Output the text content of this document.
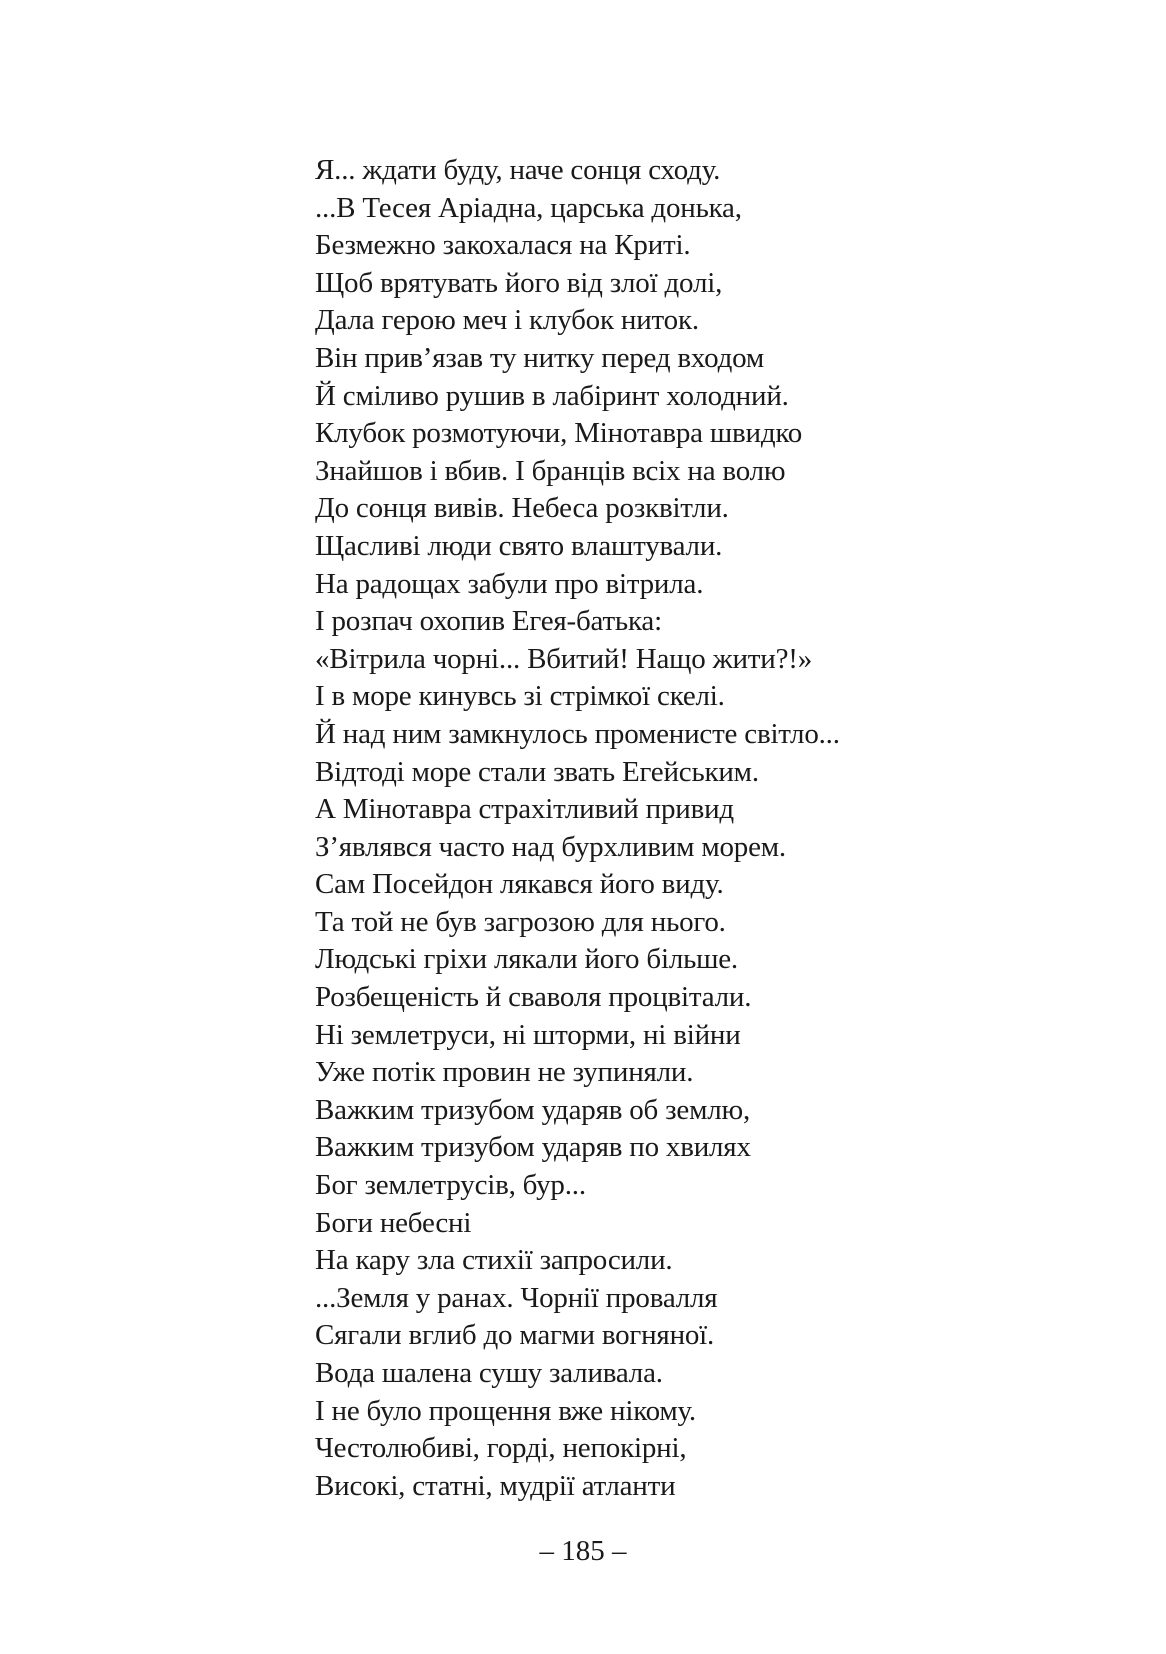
Я... ждати буду, наче сонця сходу.
...В Тесея Аріадна, царська донька,
Безмежно закохалася на Криті.
Щоб врятувать його від злої долі,
Дала герою меч і клубок ниток.
Він прив’язав ту нитку перед входом
Й сміливо рушив в лабіринт холодний.
Клубок розмотуючи, Мінотавра швидко
Знайшов і вбив. І бранців всіх на волю
До сонця вивів. Небеса розквітли.
Щасливі люди свято влаштували.
На радощах забули про вітрила.
І розпач охопив Егея-батька:
«Вітрила чорні... Вбитий! Нащо жити?!»
І в море кинувсь зі стрімкої скелі.
Й над ним замкнулось променисте світло...
Відтоді море стали звать Егейським.
А Мінотавра страхітливий привид
З’являвся часто над бурхливим морем.
Сам Посейдон лякався його виду.
Та той не був загрозою для нього.
Людські гріхи лякали його більше.
Розбещеність й сваволя процвітали.
Ні землетруси, ні шторми, ні війни
Уже потік провин не зупиняли.
Важким тризубом ударяв об землю,
Важким тризубом ударяв по хвилях
Бог землетрусів, бур...
Боги небесні
На кару зла стихії запросили.
...Земля у ранах. Чорнії провалля
Сягали вглиб до магми вогняної.
Вода шалена сушу заливала.
І не було прощення вже нікому.
Честолюбиві, горді, непокірні,
Високі, статні, мудрії атланти

– 185 –
